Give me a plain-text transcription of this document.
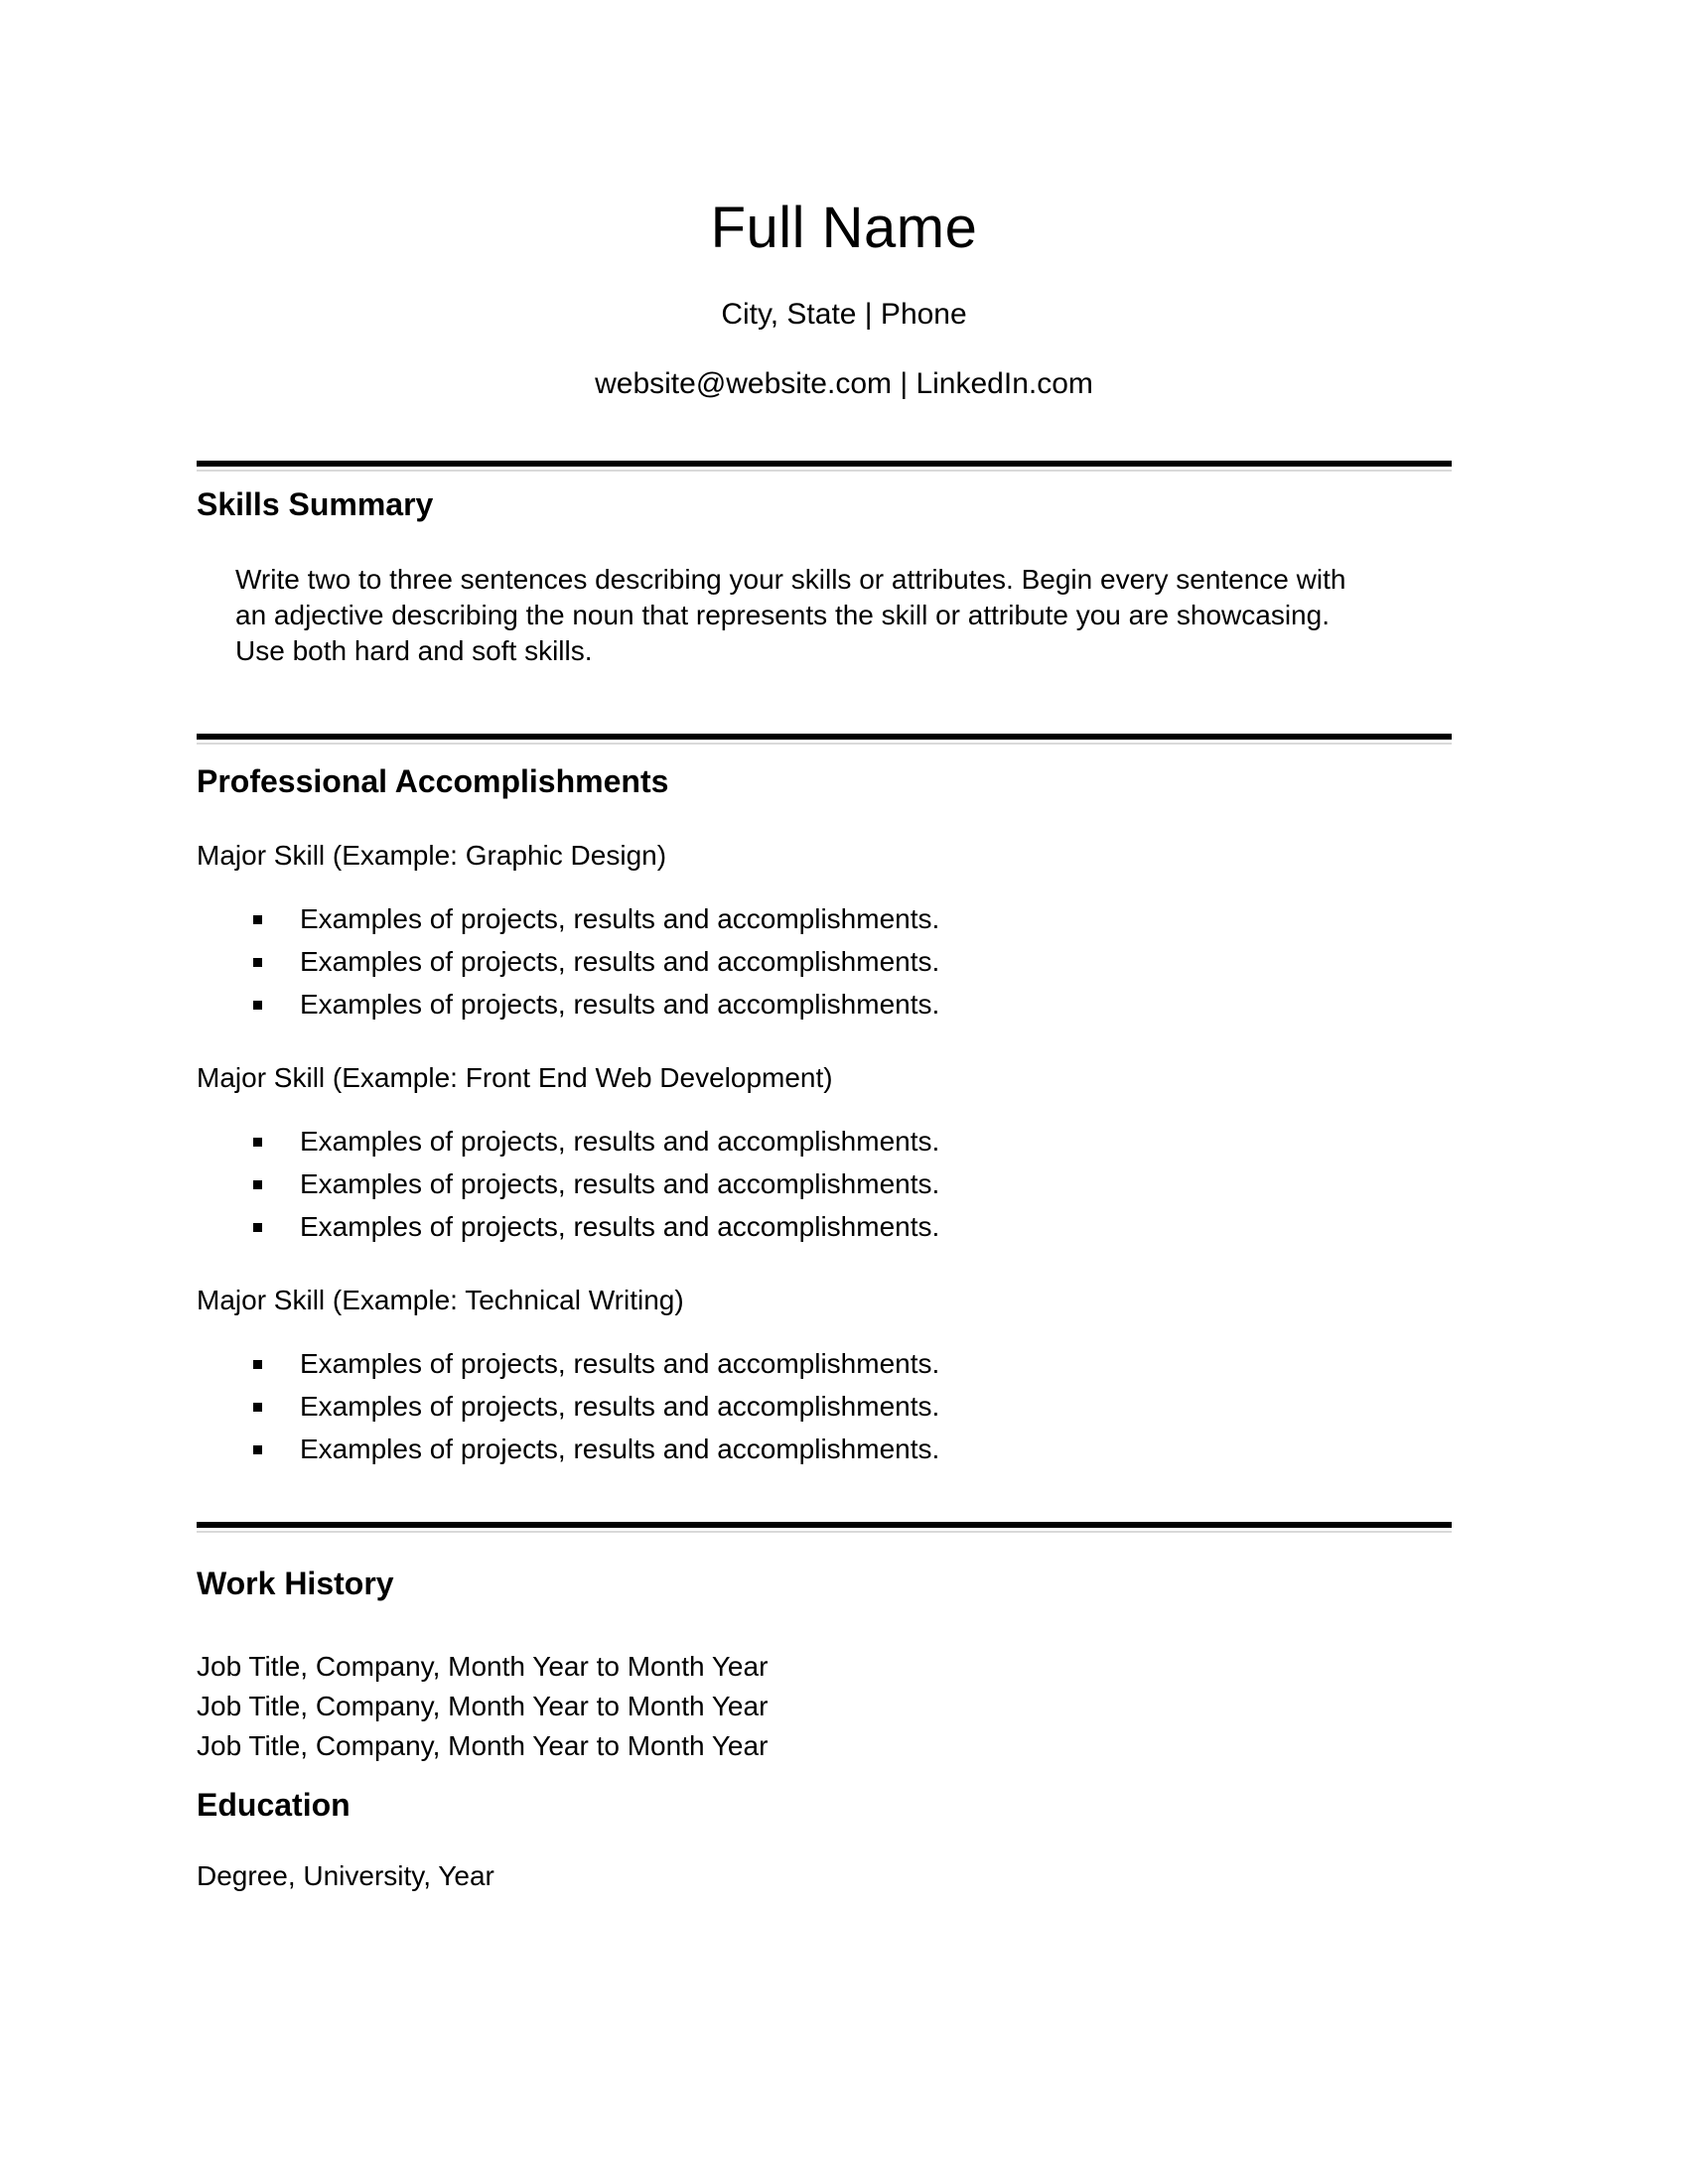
Full Name
City, State | Phone
website@website.com | LinkedIn.com
Skills Summary
Write two to three sentences describing your skills or attributes. Begin every sentence with
an adjective describing the noun that represents the skill or attribute you are showcasing.
Use both hard and soft skills.
Professional Accomplishments
Major Skill (Example: Graphic Design)
Examples of projects, results and accomplishments.
Examples of projects, results and accomplishments.
Examples of projects, results and accomplishments.
Major Skill (Example: Front End Web Development)
Examples of projects, results and accomplishments.
Examples of projects, results and accomplishments.
Examples of projects, results and accomplishments.
Major Skill (Example: Technical Writing)
Examples of projects, results and accomplishments.
Examples of projects, results and accomplishments.
Examples of projects, results and accomplishments.
Work History
Job Title, Company, Month Year to Month Year
Job Title, Company, Month Year to Month Year
Job Title, Company, Month Year to Month Year
Education
Degree, University, Year
